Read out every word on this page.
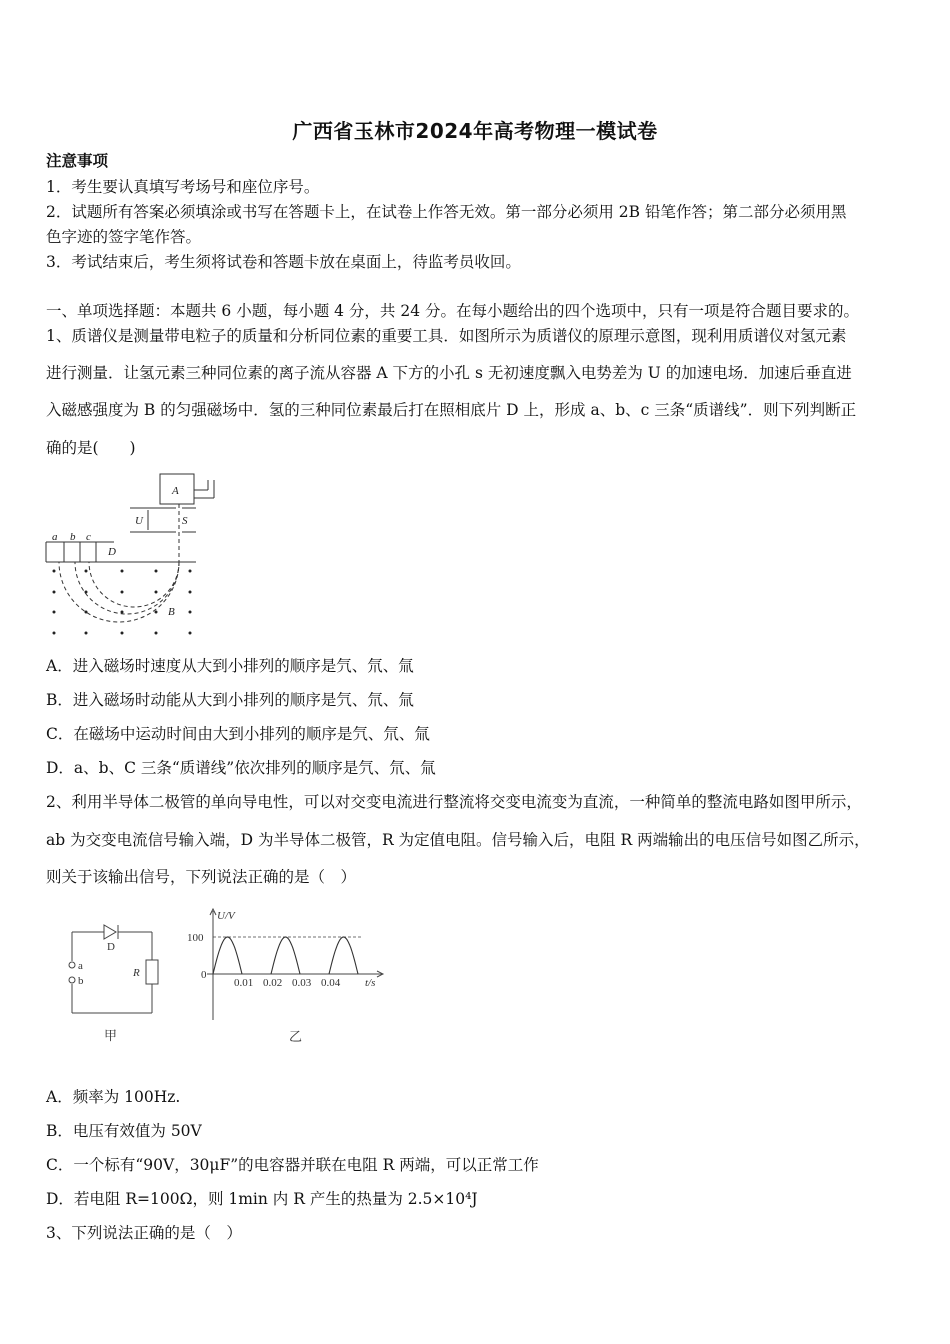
广西省玉林市2024年高考物理一模试卷
注意事项
1．考生要认真填写考场号和座位序号。
2．试题所有答案必须填涂或书写在答题卡上，在试卷上作答无效。第一部分必须用 2B 铅笔作答；第二部分必须用黑
色字迹的签字笔作答。
3．考试结束后，考生须将试卷和答题卡放在桌面上，待监考员收回。
一、单项选择题：本题共 6 小题，每小题 4 分，共 24 分。在每小题给出的四个选项中，只有一项是符合题目要求的。
1、质谱仪是测量带电粒子的质量和分析同位素的重要工具．如图所示为质谱仪的原理示意图，现利用质谱仪对氢元素
进行测量．让氢元素三种同位素的离子流从容器 A 下方的小孔 s 无初速度飘入电势差为 U 的加速电场．加速后垂直进
入磁感强度为 B 的匀强磁场中．氢的三种同位素最后打在照相底片 D 上，形成 a、b、c 三条“质谱线”．则下列判断正
确的是(　　)
A
U	S
a b c
D
B
A．进入磁场时速度从大到小排列的顺序是氕、氘、氚
B．进入磁场时动能从大到小排列的顺序是氕、氘、氚
C．在磁场中运动时间由大到小排列的顺序是氕、氘、氚
D．a、b、C 三条“质谱线”依次排列的顺序是氕、氘、氚
2、利用半导体二极管的单向导电性，可以对交变电流进行整流将交变电流变为直流，一种简单的整流电路如图甲所示，
ab 为交变电流信号输入端，D 为半导体二极管，R 为定值电阻。信号输入后，电阻 R 两端输出的电压信号如图乙所示，
则关于该输出信号，下列说法正确的是（　）
D
a
b
R
甲
U/V
100
0
0.01 0.02 0.03 0.04 t/s
乙
A．频率为 100Hz.
B．电压有效值为 50V
C．一个标有“90V，30μF”的电容器并联在电阻 R 两端，可以正常工作
D．若电阻 R=100Ω，则 1min 内 R 产生的热量为 2.5×10⁴J
3、下列说法正确的是（　）
